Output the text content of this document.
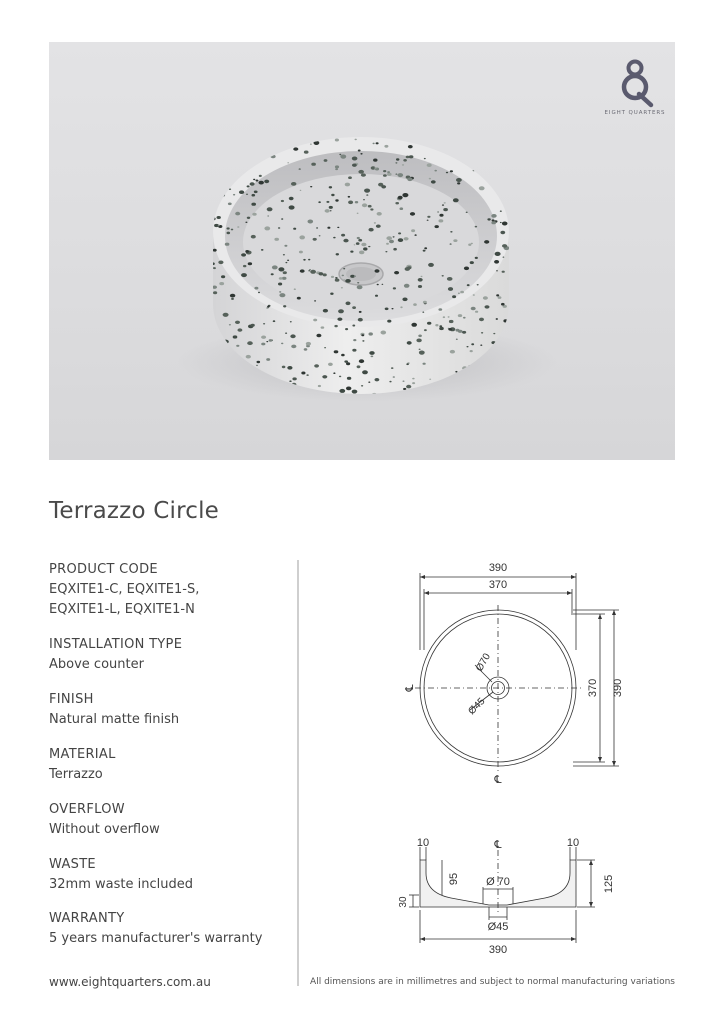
EIGHT QUARTERS
Terrazzo Circle
PRODUCT CODE
EQXITE1-C, EQXITE1-S,
EQXITE1-L, EQXITE1-N
INSTALLATION TYPE
Above counter
FINISH
Natural matte finish
MATERIAL
Terrazzo
OVERFLOW
Without overflow
WASTE
32mm waste included
WARRANTY
5 years manufacturer's warranty
390
370
370 390
Ø70
Ø45
℄
℄
10	10
℄
95	125
Ø 70
30
Ø45
390
www.eightquarters.com.au	All dimensions are in millimetres and subject to normal manufacturing variations
